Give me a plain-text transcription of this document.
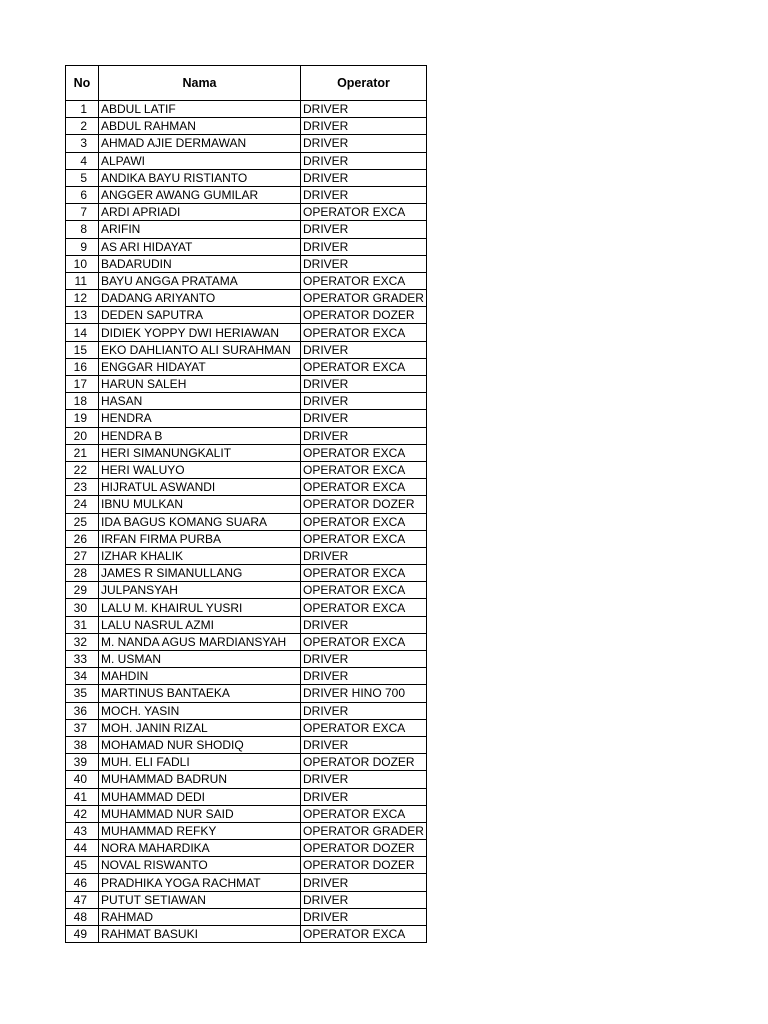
No	Nama	Operator
1	ABDUL LATIF	DRIVER
2	ABDUL RAHMAN	DRIVER
3	AHMAD AJIE DERMAWAN	DRIVER
4	ALPAWI	DRIVER
5	ANDIKA BAYU RISTIANTO	DRIVER
6	ANGGER AWANG GUMILAR	DRIVER
7	ARDI APRIADI	OPERATOR EXCA
8	ARIFIN	DRIVER
9	AS ARI HIDAYAT	DRIVER
10	BADARUDIN	DRIVER
11	BAYU ANGGA PRATAMA	OPERATOR EXCA
12	DADANG ARIYANTO	OPERATOR GRADER
13	DEDEN SAPUTRA	OPERATOR DOZER
14	DIDIEK YOPPY DWI HERIAWAN	OPERATOR EXCA
15	EKO DAHLIANTO ALI SURAHMAN	DRIVER
16	ENGGAR HIDAYAT	OPERATOR EXCA
17	HARUN SALEH	DRIVER
18	HASAN	DRIVER
19	HENDRA	DRIVER
20	HENDRA B	DRIVER
21	HERI SIMANUNGKALIT	OPERATOR EXCA
22	HERI WALUYO	OPERATOR EXCA
23	HIJRATUL ASWANDI	OPERATOR EXCA
24	IBNU MULKAN	OPERATOR DOZER
25	IDA BAGUS KOMANG SUARA	OPERATOR EXCA
26	IRFAN FIRMA PURBA	OPERATOR EXCA
27	IZHAR KHALIK	DRIVER
28	JAMES R SIMANULLANG	OPERATOR EXCA
29	JULPANSYAH	OPERATOR EXCA
30	LALU M. KHAIRUL YUSRI	OPERATOR EXCA
31	LALU NASRUL AZMI	DRIVER
32	M. NANDA AGUS MARDIANSYAH	OPERATOR EXCA
33	M. USMAN	DRIVER
34	MAHDIN	DRIVER
35	MARTINUS BANTAEKA	DRIVER HINO 700
36	MOCH. YASIN	DRIVER
37	MOH. JANIN RIZAL	OPERATOR EXCA
38	MOHAMAD NUR SHODIQ	DRIVER
39	MUH. ELI FADLI	OPERATOR DOZER
40	MUHAMMAD BADRUN	DRIVER
41	MUHAMMAD DEDI	DRIVER
42	MUHAMMAD NUR SAID	OPERATOR EXCA
43	MUHAMMAD REFKY	OPERATOR GRADER
44	NORA MAHARDIKA	OPERATOR DOZER
45	NOVAL RISWANTO	OPERATOR DOZER
46	PRADHIKA YOGA RACHMAT	DRIVER
47	PUTUT SETIAWAN	DRIVER
48	RAHMAD	DRIVER
49	RAHMAT BASUKI	OPERATOR EXCA
